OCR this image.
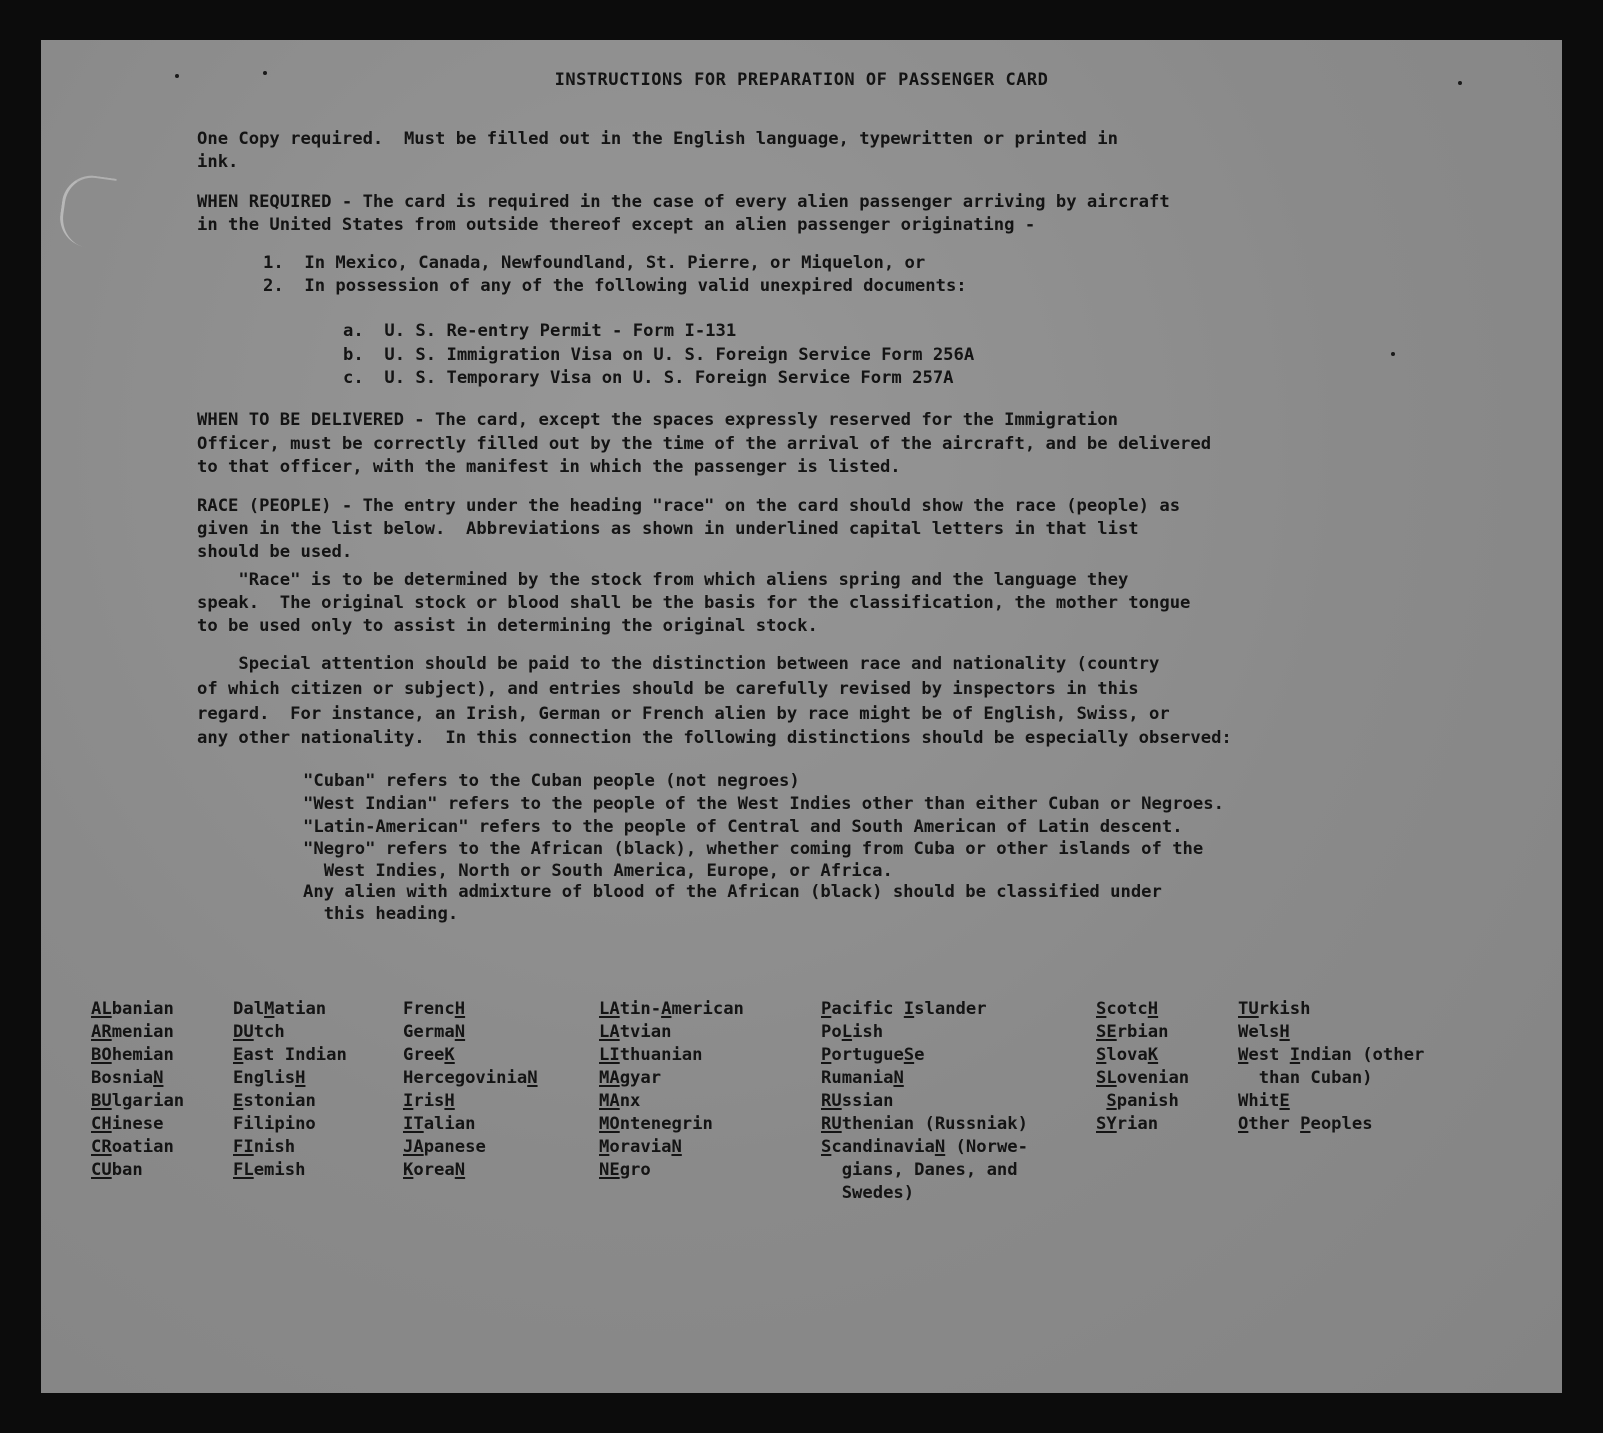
INSTRUCTIONS FOR PREPARATION OF PASSENGER CARD
One Copy required.  Must be filled out in the English language, typewritten or printed in
ink.
WHEN REQUIRED - The card is required in the case of every alien passenger arriving by aircraft
in the United States from outside thereof except an alien passenger originating -
1.  In Mexico, Canada, Newfoundland, St. Pierre, or Miquelon, or
2.  In possession of any of the following valid unexpired documents:
a.  U. S. Re-entry Permit - Form I-131
b.  U. S. Immigration Visa on U. S. Foreign Service Form 256A
c.  U. S. Temporary Visa on U. S. Foreign Service Form 257A
WHEN TO BE DELIVERED - The card, except the spaces expressly reserved for the Immigration
Officer, must be correctly filled out by the time of the arrival of the aircraft, and be delivered
to that officer, with the manifest in which the passenger is listed.
RACE (PEOPLE) - The entry under the heading "race" on the card should show the race (people) as
given in the list below.  Abbreviations as shown in underlined capital letters in that list
should be used.
"Race" is to be determined by the stock from which aliens spring and the language they
speak.  The original stock or blood shall be the basis for the classification, the mother tongue
to be used only to assist in determining the original stock.
Special attention should be paid to the distinction between race and nationality (country
of which citizen or subject), and entries should be carefully revised by inspectors in this
regard.  For instance, an Irish, German or French alien by race might be of English, Swiss, or
any other nationality.  In this connection the following distinctions should be especially observed:
"Cuban" refers to the Cuban people (not negroes)
"West Indian" refers to the people of the West Indies other than either Cuban or Negroes.
"Latin-American" refers to the people of Central and South American of Latin descent.
"Negro" refers to the African (black), whether coming from Cuba or other islands of the
West Indies, North or South America, Europe, or Africa.
Any alien with admixture of blood of the African (black) should be classified under
this heading.
ALbanian
ARmenian
BOhemian
BosniaN
BUlgarian
CHinese
CRoatian
CUban
DalMatian
DUtch
East Indian
EnglisH
Estonian
Filipino
FInish
FLemish
FrencH
GermaN
GreeK
HercegoviniaN
IrisH
ITalian
JApanese
KoreaN
LAtin-American
LAtvian
LIthuanian
MAgyar
MAnx
MOntenegrin
MoraviaN
NEgro
Pacific Islander
PoLish
PortugueSe
RumaniaN
RUssian
RUthenian (Russniak)
ScandinaviaN (Norwe-
gians, Danes, and
Swedes)
ScotcH
SErbian
SlovaK
SLovenian
Spanish
SYrian
TUrkish
WelsH
West Indian (other
than Cuban)
WhitE
Other Peoples
